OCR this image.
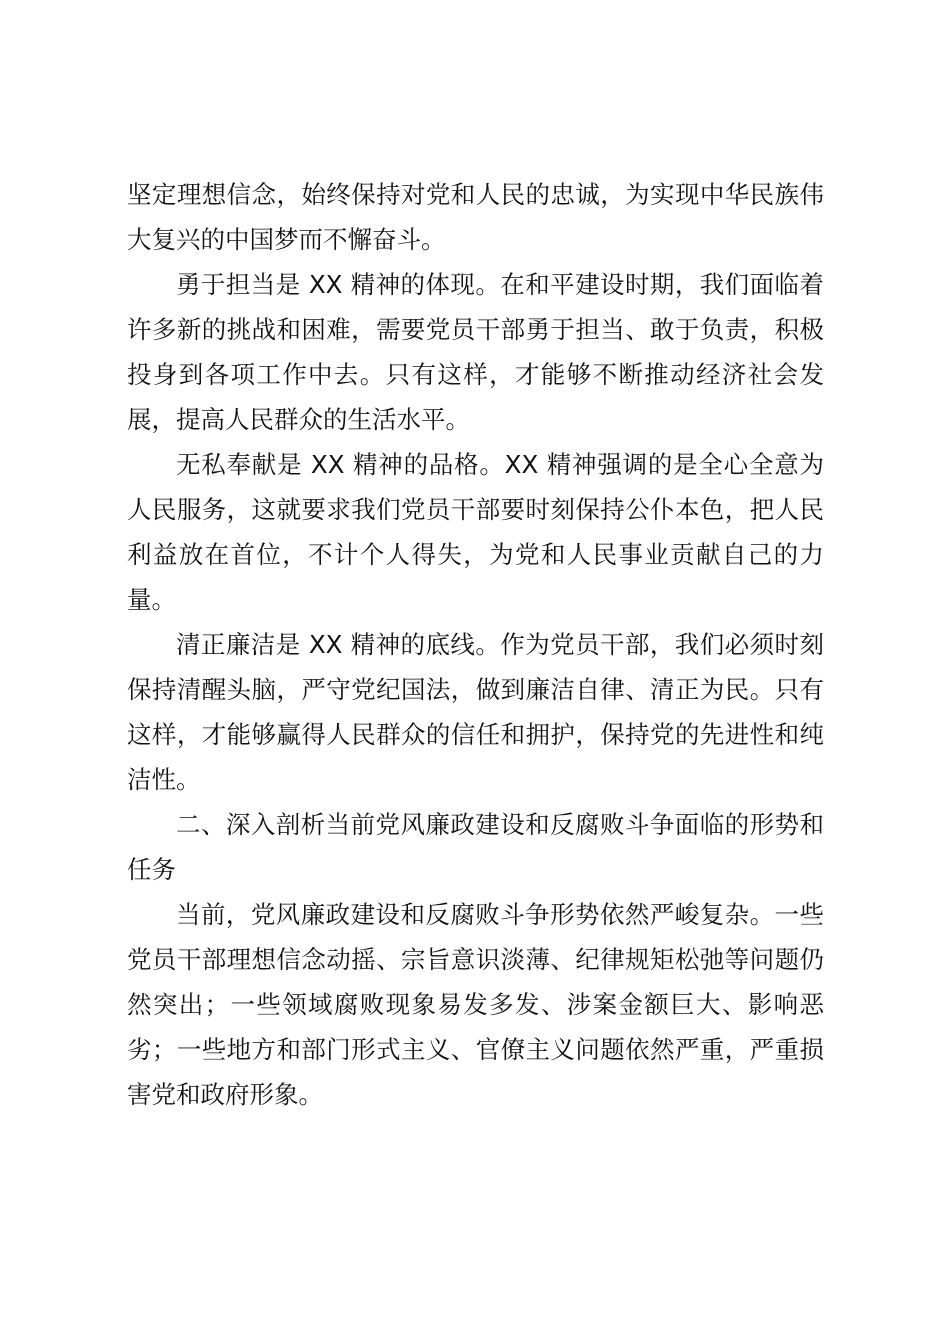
坚定理想信念，始终保持对党和人民的忠诚，为实现中华民族伟大复兴的中国梦而不懈奋斗。

勇于担当是 XX 精神的体现。在和平建设时期，我们面临着许多新的挑战和困难，需要党员干部勇于担当、敢于负责，积极投身到各项工作中去。只有这样，才能够不断推动经济社会发展，提高人民群众的生活水平。

无私奉献是 XX 精神的品格。XX 精神强调的是全心全意为人民服务，这就要求我们党员干部要时刻保持公仆本色，把人民利益放在首位，不计个人得失，为党和人民事业贡献自己的力量。

清正廉洁是 XX 精神的底线。作为党员干部，我们必须时刻保持清醒头脑，严守党纪国法，做到廉洁自律、清正为民。只有这样，才能够赢得人民群众的信任和拥护，保持党的先进性和纯洁性。

二、深入剖析当前党风廉政建设和反腐败斗争面临的形势和任务

当前，党风廉政建设和反腐败斗争形势依然严峻复杂。一些党员干部理想信念动摇、宗旨意识淡薄、纪律规矩松弛等问题仍然突出；一些领域腐败现象易发多发、涉案金额巨大、影响恶劣；一些地方和部门形式主义、官僚主义问题依然严重，严重损害党和政府形象。
